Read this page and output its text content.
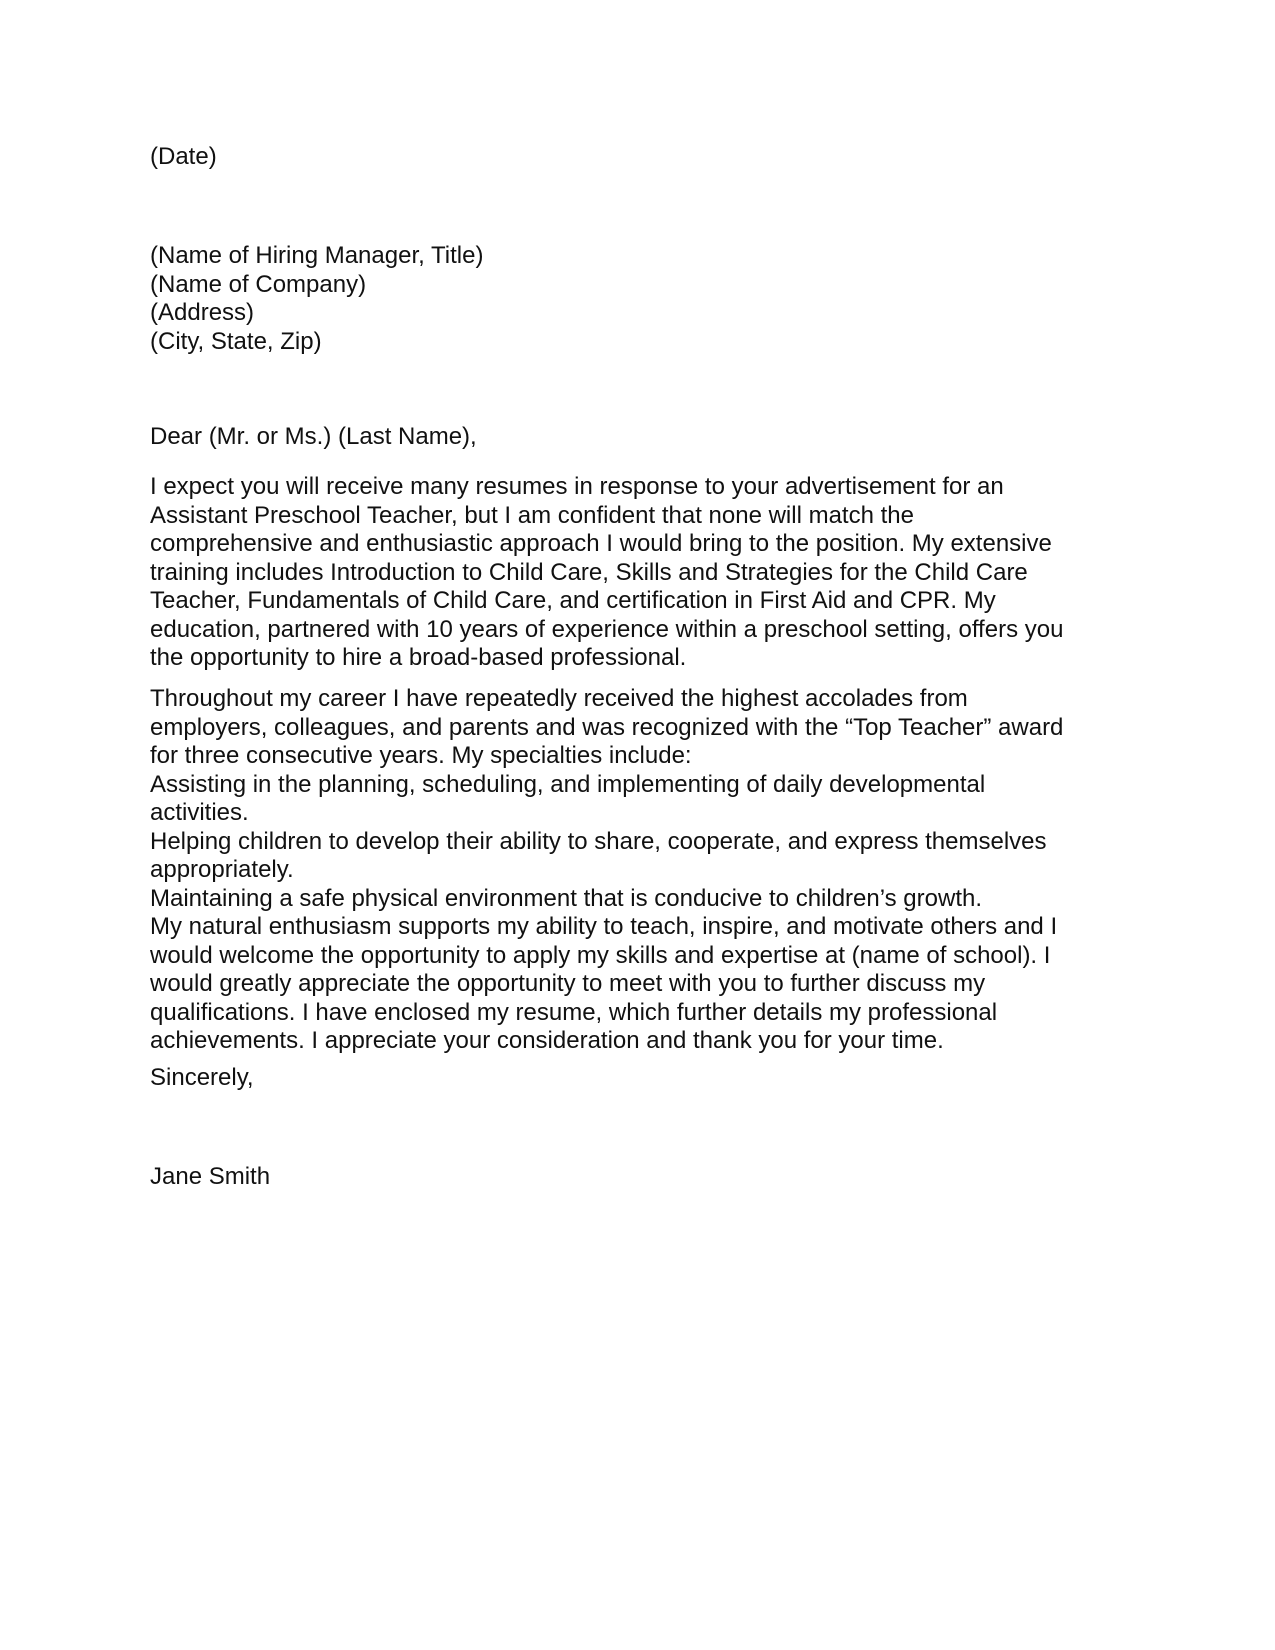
(Date)
(Name of Hiring Manager, Title)
(Name of Company)
(Address)
(City, State, Zip)
Dear (Mr. or Ms.) (Last Name),
I expect you will receive many resumes in response to your advertisement for an
Assistant Preschool Teacher, but I am confident that none will match the
comprehensive and enthusiastic approach I would bring to the position. My extensive
training includes Introduction to Child Care, Skills and Strategies for the Child Care
Teacher, Fundamentals of Child Care, and certification in First Aid and CPR. My
education, partnered with 10 years of experience within a preschool setting, offers you
the opportunity to hire a broad-based professional.
Throughout my career I have repeatedly received the highest accolades from
employers, colleagues, and parents and was recognized with the “Top Teacher” award
for three consecutive years. My specialties include:
Assisting in the planning, scheduling, and implementing of daily developmental
activities.
Helping children to develop their ability to share, cooperate, and express themselves
appropriately.
Maintaining a safe physical environment that is conducive to children’s growth.
My natural enthusiasm supports my ability to teach, inspire, and motivate others and I
would welcome the opportunity to apply my skills and expertise at (name of school). I
would greatly appreciate the opportunity to meet with you to further discuss my
qualifications. I have enclosed my resume, which further details my professional
achievements. I appreciate your consideration and thank you for your time.
Sincerely,
Jane Smith
